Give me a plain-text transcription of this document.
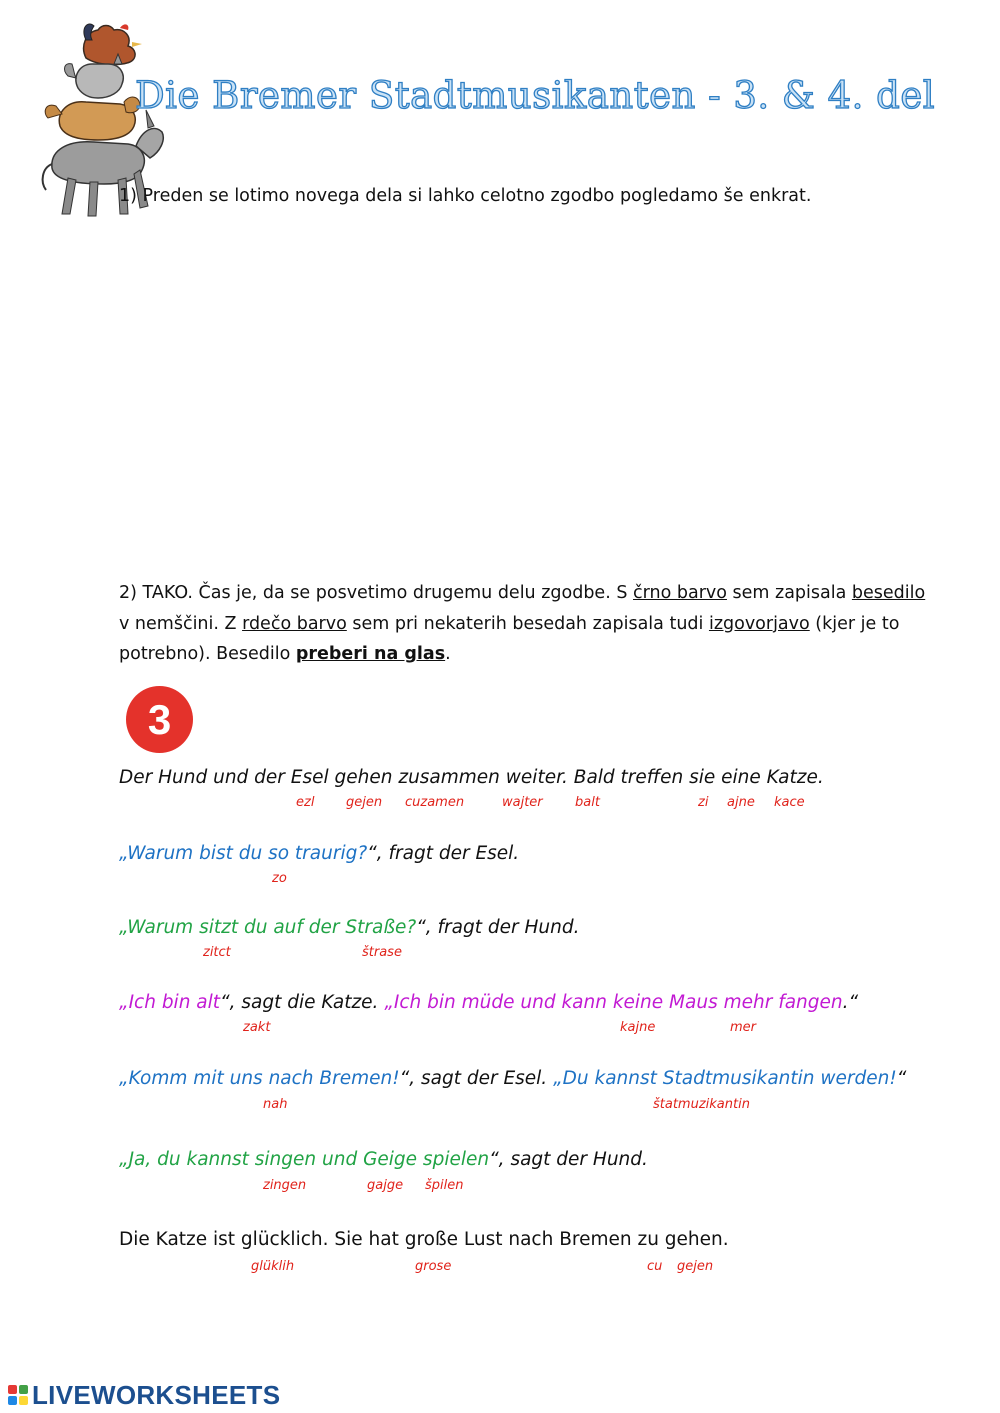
Die Bremer Stadtmusikanten - 3. & 4. del
1) Preden se lotimo novega dela si lahko celotno zgodbo pogledamo še enkrat.
2) TAKO. Čas je, da se posvetimo drugemu delu zgodbe. S črno barvo sem zapisala besedilo v nemščini. Z rdečo barvo sem pri nekaterih besedah zapisala tudi izgovorjavo (kjer je to potrebno). Besedilo preberi na glas.
3
Der Hund und der Esel gehen zusammen weiter. Bald treffen sie eine Katze.
ezl gejen cuzamen	wajter balt	zi ajne kace
„Warum bist du so traurig?“, fragt der Esel.
zo
„Warum sitzt du auf der Straße?“, fragt der Hund.
zitct	štrase
„Ich bin alt“, sagt die Katze. „Ich bin müde und kann keine Maus mehr fangen.“
zakt	kajne	mer
„Komm mit uns nach Bremen!“, sagt der Esel. „Du kannst Stadtmusikantin werden!“
nah	štatmuzikantin
„Ja, du kannst singen und Geige spielen“, sagt der Hund.
zingen	gajge špilen
Die Katze ist glücklich. Sie hat große Lust nach Bremen zu gehen.
glüklih	grose	cu gejen
LIVEWORKSHEETS
